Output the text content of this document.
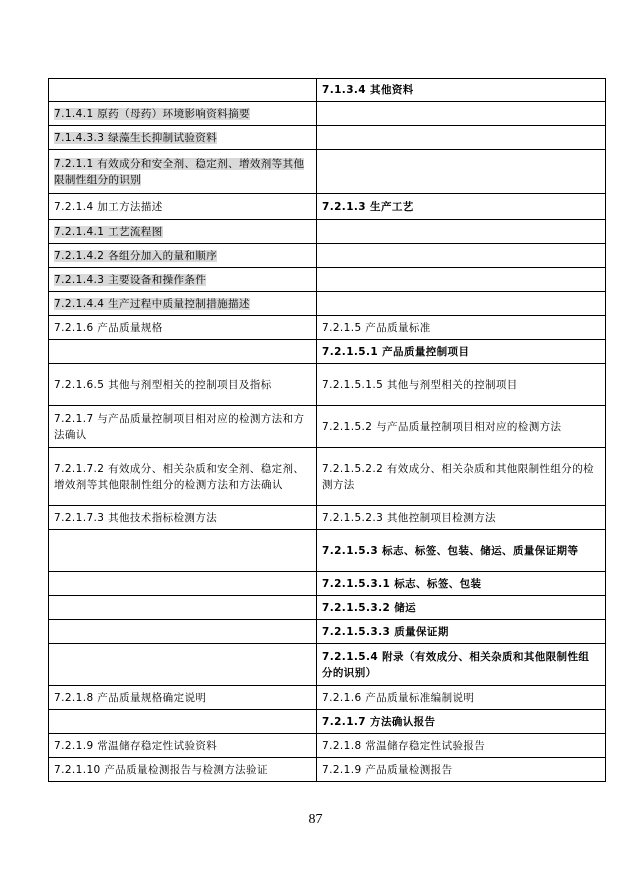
	7.1.3.4 其他资料
7.1.4.1 原药（母药）环境影响资料摘要	
7.1.4.3.3 绿藻生长抑制试验资料	
7.2.1.1 有效成分和安全剂、稳定剂、增效剂等其他限制性组分的识别	
7.2.1.4 加工方法描述	7.2.1.3 生产工艺
7.2.1.4.1 工艺流程图	
7.2.1.4.2 各组分加入的量和顺序	
7.2.1.4.3 主要设备和操作条件	
7.2.1.4.4 生产过程中质量控制措施描述	
7.2.1.6 产品质量规格	7.2.1.5 产品质量标准
	7.2.1.5.1 产品质量控制项目
7.2.1.6.5 其他与剂型相关的控制项目及指标	7.2.1.5.1.5 其他与剂型相关的控制项目
7.2.1.7 与产品质量控制项目相对应的检测方法和方法确认	7.2.1.5.2 与产品质量控制项目相对应的检测方法
7.2.1.7.2 有效成分、相关杂质和安全剂、稳定剂、增效剂等其他限制性组分的检测方法和方法确认	7.2.1.5.2.2 有效成分、相关杂质和其他限制性组分的检测方法
7.2.1.7.3 其他技术指标检测方法	7.2.1.5.2.3 其他控制项目检测方法
	7.2.1.5.3 标志、标签、包装、储运、质量保证期等
	7.2.1.5.3.1 标志、标签、包装
	7.2.1.5.3.2 储运
	7.2.1.5.3.3 质量保证期
	7.2.1.5.4 附录（有效成分、相关杂质和其他限制性组分的识别）
7.2.1.8 产品质量规格确定说明	7.2.1.6 产品质量标准编制说明
	7.2.1.7 方法确认报告
7.2.1.9 常温储存稳定性试验资料	7.2.1.8 常温储存稳定性试验报告
7.2.1.10 产品质量检测报告与检测方法验证	7.2.1.9 产品质量检测报告
87
